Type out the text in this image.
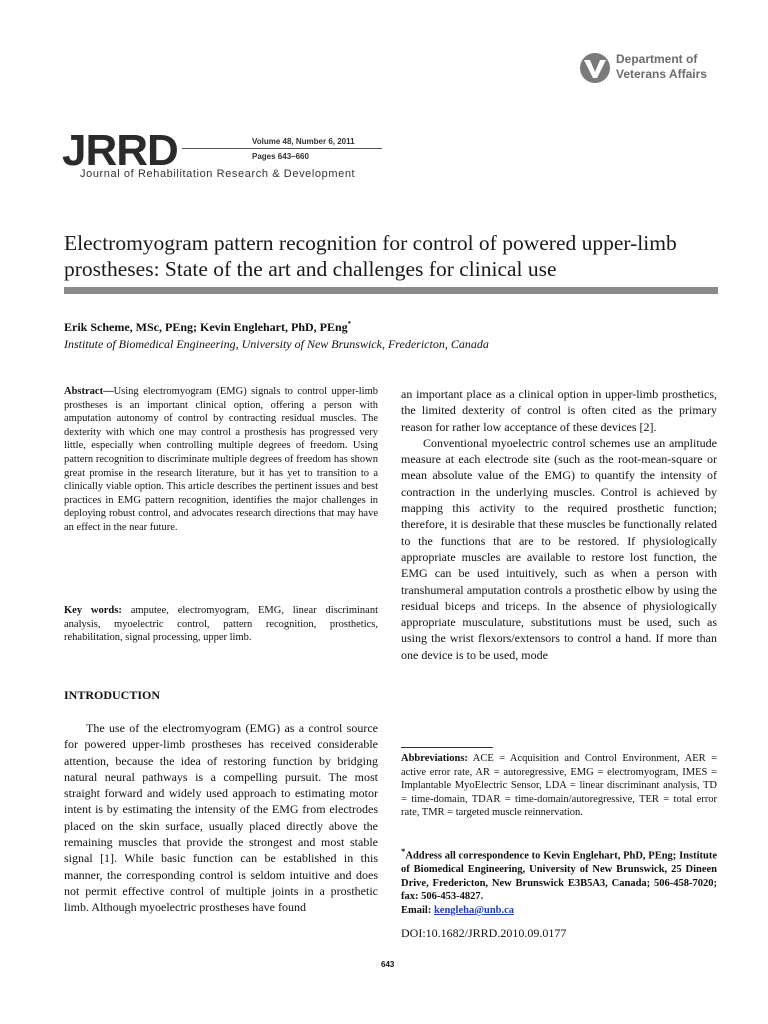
Department of
Veterans Affairs
JRRD	Volume 48, Number 6, 2011
Pages 643–660
Journal of Rehabilitation Research & Development
Electromyogram pattern recognition for control of powered upper-limb prostheses: State of the art and challenges for clinical use
Erik Scheme, MSc, PEng; Kevin Englehart, PhD, PEng*
Institute of Biomedical Engineering, University of New Brunswick, Fredericton, Canada
Abstract—Using electromyogram (EMG) signals to control upper-limb prostheses is an important clinical option, offering a person with amputation autonomy of control by contracting residual muscles. The dexterity with which one may control a prosthesis has progressed very little, especially when controlling multiple degrees of freedom. Using pattern recognition to discriminate multiple degrees of freedom has shown great promise in the research literature, but it has yet to transition to a clinically viable option. This article describes the pertinent issues and best practices in EMG pattern recognition, identifies the major challenges in deploying robust control, and advocates research directions that may have an effect in the near future.
Key words: amputee, electromyogram, EMG, linear discriminant analysis, myoelectric control, pattern recognition, prosthetics, rehabilitation, signal processing, upper limb.
INTRODUCTION
The use of the electromyogram (EMG) as a control source for powered upper-limb prostheses has received considerable attention, because the idea of restoring function by bridging natural neural pathways is a compelling pursuit. The most straight forward and widely used approach to estimating motor intent is by estimating the intensity of the EMG from electrodes placed on the skin surface, usually placed directly above the remaining muscles that provide the strongest and most stable signal [1]. While basic function can be established in this manner, the corresponding control is seldom intuitive and does not permit effective control of multiple joints in a prosthetic limb. Although myoelectric prostheses have found

an important place as a clinical option in upper-limb prosthetics, the limited dexterity of control is often cited as the primary reason for rather low acceptance of these devices [2].

Conventional myoelectric control schemes use an amplitude measure at each electrode site (such as the root-mean-square or mean absolute value of the EMG) to quantify the intensity of contraction in the underlying muscles. Control is achieved by mapping this activity to the required prosthetic function; therefore, it is desirable that these muscles be functionally related to the functions that are to be restored. If physiologically appropriate muscles are available to restore lost function, the EMG can be used intuitively, such as when a person with transhumeral amputation controls a prosthetic elbow by using the residual biceps and triceps. In the absence of physiologically appropriate musculature, substitutions must be used, such as using the wrist flexors/extensors to control a hand. If more than one device is to be used, mode

Abbreviations: ACE = Acquisition and Control Environment, AER = active error rate, AR = autoregressive, EMG = electromyogram, IMES = Implantable MyoElectric Sensor, LDA = linear discriminant analysis, TD = time-domain, TDAR = time-domain/autoregressive, TER = total error rate, TMR = targeted muscle reinnervation.
*Address all correspondence to Kevin Englehart, PhD, PEng; Institute of Biomedical Engineering, University of New Brunswick, 25 Dineen Drive, Fredericton, New Brunswick E3B5A3, Canada; 506-458-7020; fax: 506-453-4827.
Email: kengleha@unb.ca
DOI:10.1682/JRRD.2010.09.0177
643
